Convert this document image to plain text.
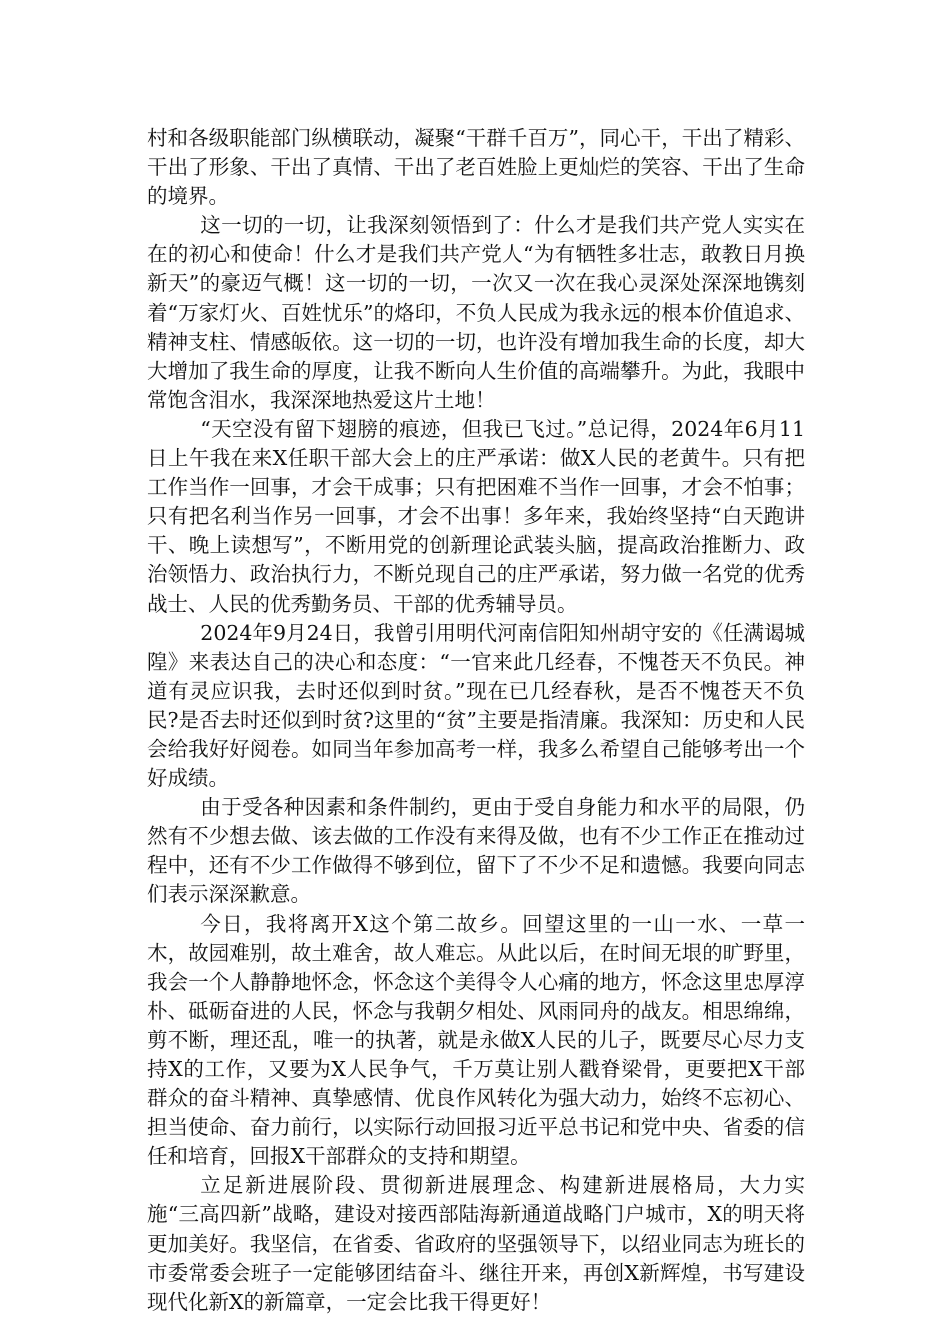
村和各级职能部门纵横联动，凝聚“干群千百万”，同心干，干出了精彩、干出了形象、干出了真情、干出了老百姓脸上更灿烂的笑容、干出了生命的境界。

这一切的一切，让我深刻领悟到了：什么才是我们共产党人实实在在的初心和使命！什么才是我们共产党人“为有牺牲多壮志，敢教日月换新天”的豪迈气概！这一切的一切，一次又一次在我心灵深处深深地镌刻着“万家灯火、百姓忧乐”的烙印，不负人民成为我永远的根本价值追求、精神支柱、情感皈依。这一切的一切，也许没有增加我生命的长度，却大大增加了我生命的厚度，让我不断向人生价值的高端攀升。为此，我眼中常饱含泪水，我深深地热爱这片土地！

“天空没有留下翅膀的痕迹，但我已飞过。”总记得，2024年6月11日上午我在来X任职干部大会上的庄严承诺：做X人民的老黄牛。只有把工作当作一回事，才会干成事；只有把困难不当作一回事，才会不怕事；只有把名利当作另一回事，才会不出事！多年来，我始终坚持“白天跑讲干、晚上读想写”，不断用党的创新理论武装头脑，提高政治推断力、政治领悟力、政治执行力，不断兑现自己的庄严承诺，努力做一名党的优秀战士、人民的优秀勤务员、干部的优秀辅导员。

2024年9月24日，我曾引用明代河南信阳知州胡守安的《任满谒城隍》来表达自己的决心和态度：“一官来此几经春，不愧苍天不负民。神道有灵应识我，去时还似到时贫。”现在已几经春秋，是否不愧苍天不负民?是否去时还似到时贫?这里的“贫”主要是指清廉。我深知：历史和人民会给我好好阅卷。如同当年参加高考一样，我多么希望自己能够考出一个好成绩。

由于受各种因素和条件制约，更由于受自身能力和水平的局限，仍然有不少想去做、该去做的工作没有来得及做，也有不少工作正在推动过程中，还有不少工作做得不够到位，留下了不少不足和遗憾。我要向同志们表示深深歉意。

今日，我将离开X这个第二故乡。回望这里的一山一水、一草一木，故园难别，故土难舍，故人难忘。从此以后，在时间无垠的旷野里，我会一个人静静地怀念，怀念这个美得令人心痛的地方，怀念这里忠厚淳朴、砥砺奋进的人民，怀念与我朝夕相处、风雨同舟的战友。相思绵绵，剪不断，理还乱，唯一的执著，就是永做X人民的儿子，既要尽心尽力支持X的工作，又要为X人民争气，千万莫让别人戳脊梁骨，更要把X干部群众的奋斗精神、真挚感情、优良作风转化为强大动力，始终不忘初心、担当使命、奋力前行，以实际行动回报习近平总书记和党中央、省委的信任和培育，回报X干部群众的支持和期望。

立足新进展阶段、贯彻新进展理念、构建新进展格局，大力实施“三高四新”战略，建设对接西部陆海新通道战略门户城市，X的明天将更加美好。我坚信，在省委、省政府的坚强领导下，以绍业同志为班长的市委常委会班子一定能够团结奋斗、继往开来，再创X新辉煌，书写建设现代化新X的新篇章，一定会比我干得更好！
